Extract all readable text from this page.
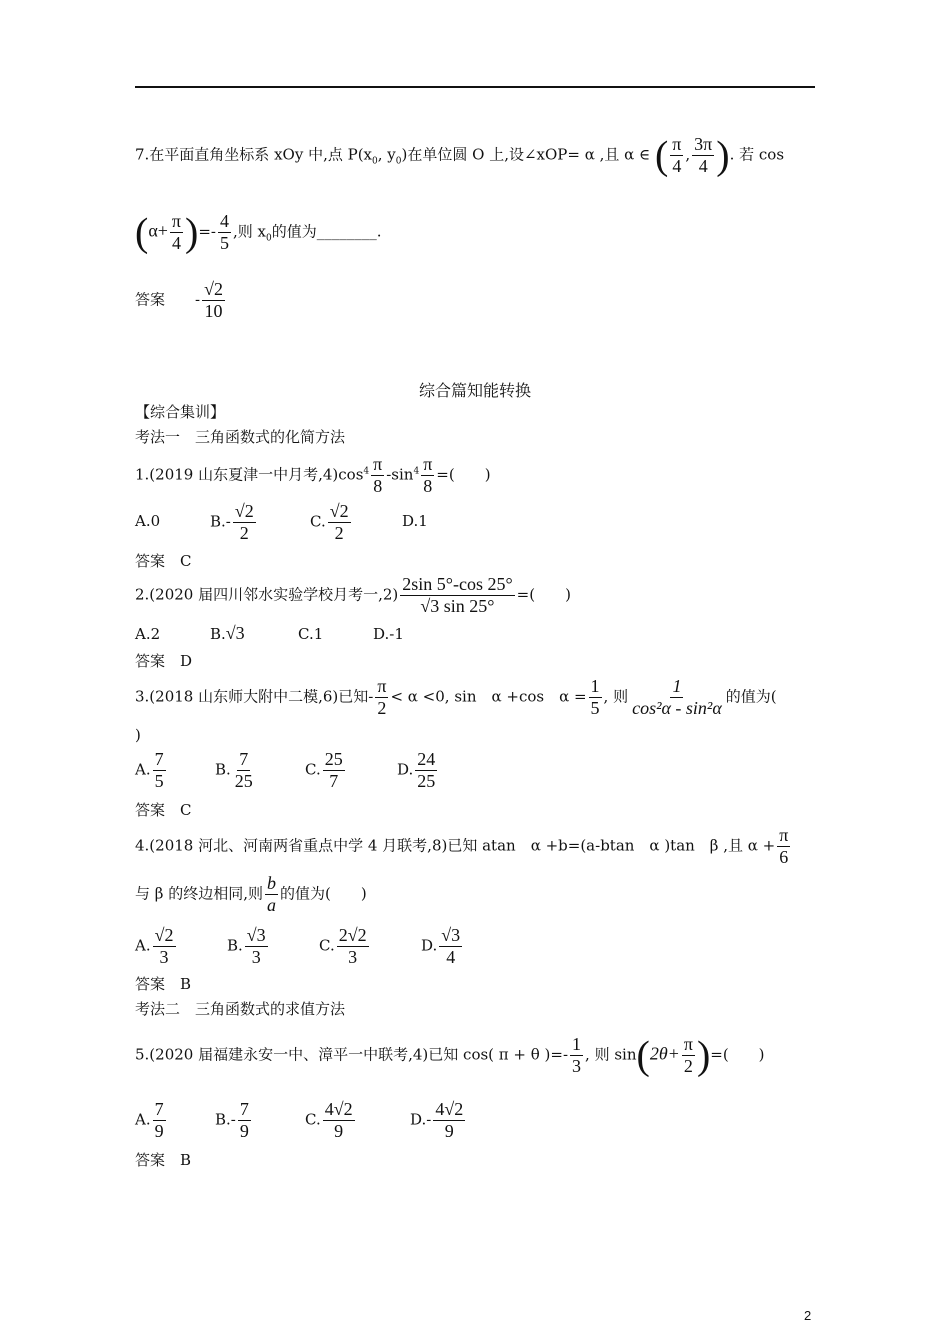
7.在平面直角坐标系 xOy 中,点 $P(x_0$, $y_0$)在单位圆 O 上,设∠xOP= α ,且 α ∈ ( $\frac{\pi}{4}$ , $\frac{3\pi}{4}$ ). 若 cos
($\alpha+ \frac{\pi}{4}$ )=- $\frac{4}{5}$ ,则 $x_0$的值为________.
答案 - $\frac{√2}{10}$
综合篇知能转换
【综合集训】
考法一　三角函数式的化简方法
1.(2019 山东夏津一中月考$,4)\cos^4 \frac{\pi}{8} -\sin^4 \frac{\pi}{8}$ =(　　)
A.0	$B.- \frac{√2}{2}$	C. $\frac{√2}{2}$	D.1
答案　C
2.(2020 届四川邻水实验学校月考一$,2) \frac{2\sin 5^\circ-\cos 25^\circ}{√3 \sin 25^\circ}$ =(　　)
A.2	B.√3	C.1	D.-1
答案　D
3.(2018 山东师大附中二模,6)已知- $\frac{\pi}{2} < \alpha <0$, sin　α +cos　$\alpha = \frac{1}{5}$ , 则 $\frac{1}{\text{cos²α - sin²α}}$ 的值为(
)
A. $\frac{7}{5}$	B. $\frac{7}{25}$	C. $\frac{25}{7}$	D. $\frac{24}{25}$
答案　C
4.(2018 河北、河南两省重点中学 4 月联考,8)已知 atan　α +b=(a-btan　α )tan　β ,且 $\alpha + \frac{\pi}{6}$
与 β 的终边相同,则 $\frac{b}{a}$ 的值为(　　)
A. $\frac{√2}{3}$	B. $\frac{√3}{3}$	C. $\frac{2√2}{3}$	D. $\frac{√3}{4}$
答案　B
考法二　三角函数式的求值方法
5.(2020 届福建永安一中、漳平一中联考,4)已知 cos( π + θ )=- $\frac{1}{3}$ , 则 $\sin(2\theta+ \frac{\pi}{2}$ )=(　　)
A. $\frac{7}{9}$	$B.- \frac{7}{9}$	C. $\frac{4√2}{9}$	$D.- \frac{4√2}{9}$
答案　B
2
